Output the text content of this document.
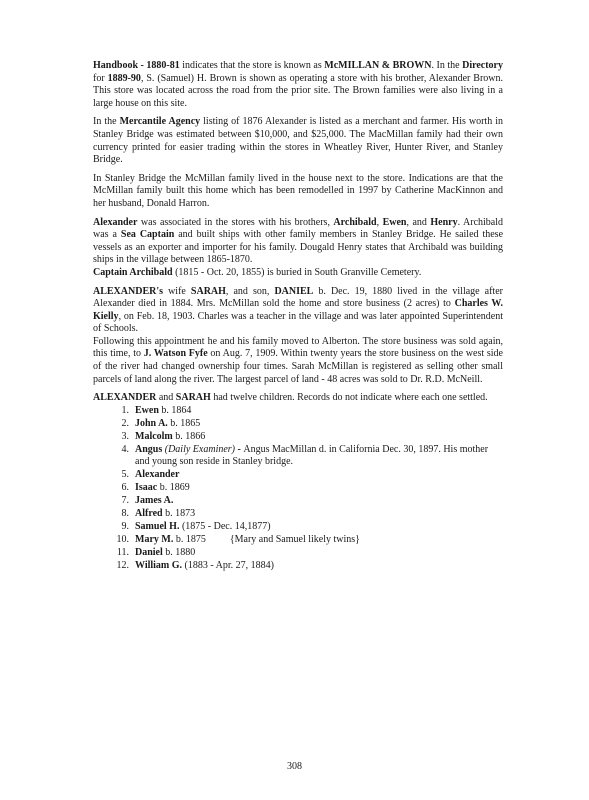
Handbook - 1880-81 indicates that the store is known as McMILLAN & BROWN. In the Directory for 1889-90, S. (Samuel) H. Brown is shown as operating a store with his brother, Alexander Brown. This store was located across the road from the prior site. The Brown families were also living in a large house on this site.

In the Mercantile Agency listing of 1876 Alexander is listed as a merchant and farmer. His worth in Stanley Bridge was estimated between $10,000, and $25,000. The MacMillan family had their own currency printed for easier trading within the stores in Wheatley River, Hunter River, and Stanley Bridge.

In Stanley Bridge the McMillan family lived in the house next to the store. Indications are that the McMillan family built this home which has been remodelled in 1997 by Catherine MacKinnon and her husband, Donald Harron.

Alexander was associated in the stores with his brothers, Archibald, Ewen, and Henry. Archibald was a Sea Captain and built ships with other family members in Stanley Bridge. He sailed these vessels as an exporter and importer for his family. Dougald Henry states that Archibald was building ships in the village between 1865-1870.

Captain Archibald (1815 - Oct. 20, 1855) is buried in South Granville Cemetery.

ALEXANDER's wife SARAH, and son, DANIEL b. Dec. 19, 1880 lived in the village after Alexander died in 1884. Mrs. McMillan sold the home and store business (2 acres) to Charles W. Kielly, on Feb. 18, 1903. Charles was a teacher in the village and was later appointed Superintendent of Schools.

Following this appointment he and his family moved to Alberton. The store business was sold again, this time, to J. Watson Fyfe on Aug. 7, 1909. Within twenty years the store business on the west side of the river had changed ownership four times. Sarah McMillan is registered as selling other small parcels of land along the river. The largest parcel of land - 48 acres was sold to Dr. R.D. McNeill.

ALEXANDER and SARAH had twelve children. Records do not indicate where each one settled.

1. Ewen b. 1864
2. John A. b. 1865
3. Malcolm b. 1866
4. Angus (Daily Examiner) - Angus MacMillan d. in California Dec. 30, 1897. His mother and young son reside in Stanley bridge.
5. Alexander
6. Isaac b. 1869
7. James A.
8. Alfred b. 1873
9. Samuel H. (1875 - Dec. 14,1877)
10. Mary M. b. 1875 {Mary and Samuel likely twins}
11. Daniel b. 1880
12. William G. (1883 - Apr. 27, 1884)
308
